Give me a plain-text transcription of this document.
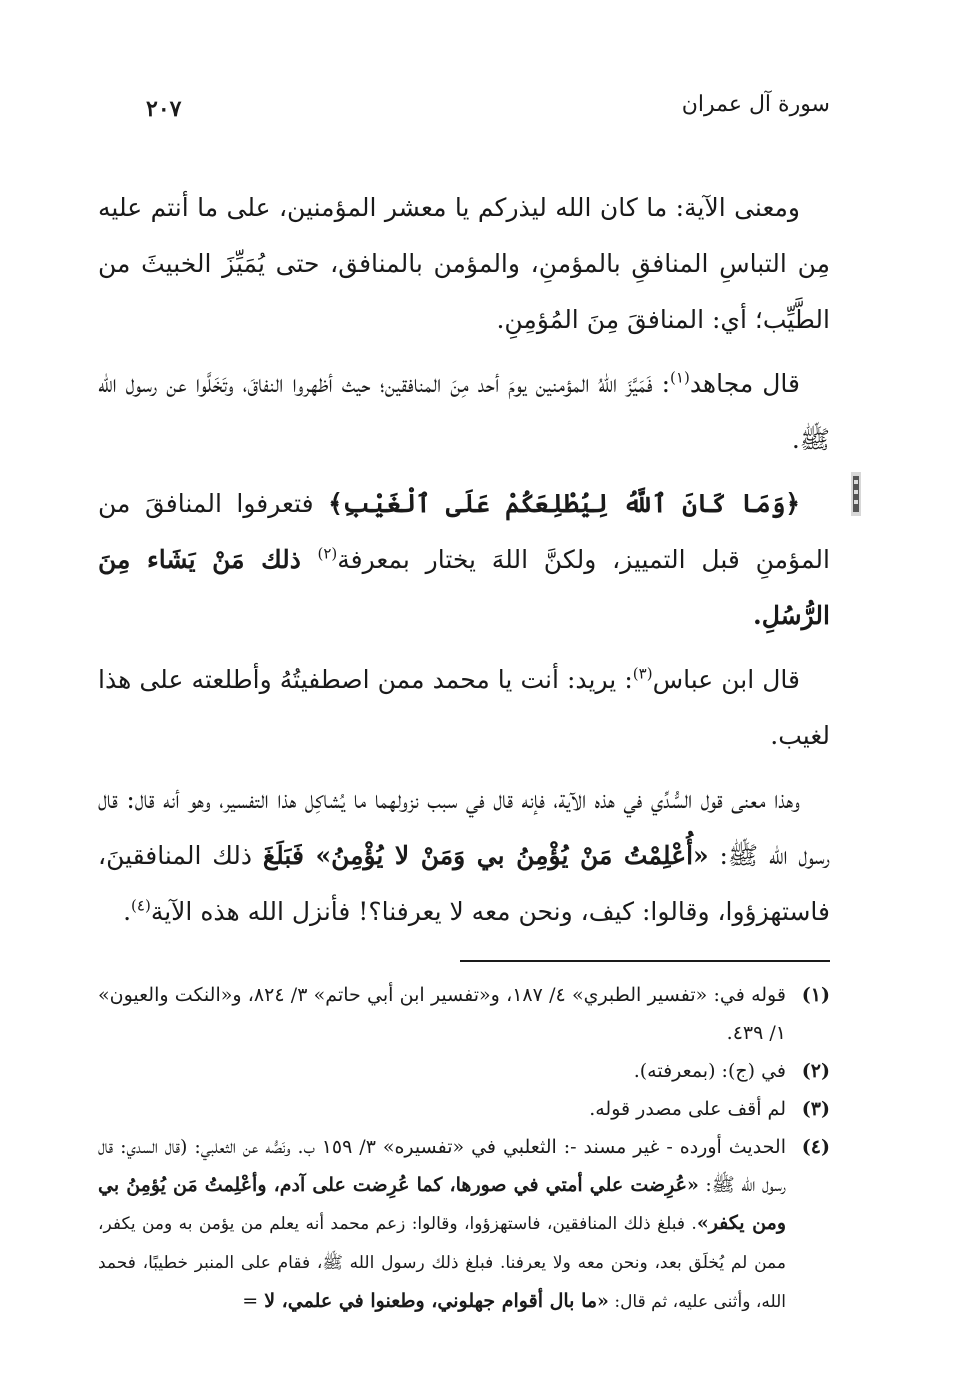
سورة آل عمران
٢٠٧

ومعنى الآية: ما كان الله ليذركم يا معشر المؤمنين، على ما أنتم عليه مِن التباسِ المنافقِ بالمؤمنِ، والمؤمن بالمنافق، حتى يُمَيِّزَ الخبيثَ من الطَّيِّب؛ أي: المنافقَ مِنَ المُؤمِنِ.

قال مجاهد$^{(١)}$: فَمَيَّزَ اللهُ المؤمنين يومَ أحد مِنَ المنافقين؛ حيث أظهروا النفاقَ، وتَخَلَّوا عن رسول الله ﷺ.

﴿وَمَا كَانَ ٱللَّهُ لِيُطْلِعَكُمْ عَلَى ٱلْغَيْبِ﴾ فتعرفوا المنافقَ من المؤمنِ قبل التمييز، ولكنَّ اللهَ يختار بمعرفة$^{(٢)}$ ذلك مَنْ يَشَاء مِنَ الرُّسُلِ.

قال ابن عباس$^{(٣)}$: يريد: أنت يا محمد ممن اصطفيتُهُ وأطلعته على هذا لغيب.

وهذا معنى قول السُّدِّي في هذه الآية، فإنه قال في سبب نزولهما ما يُشاكِل هذا التفسير، وهو أنه قال: قال رسول الله ﷺ: «أُعْلِمْتُ مَنْ يُؤْمِنُ بي وَمَنْ لا يُؤْمِنُ» فَبَلَغَ ذلك المنافقينَ، فاستهزؤوا، وقالوا: كيف، ونحن معه لا يعرفنا؟! فأنزل الله هذه الآية$^{(٤)}$.

(١)
قوله في: «تفسير الطبري» ٤/ ١٨٧، و«تفسير ابن أبي حاتم» ٣/ ٨٢٤، و«النكت والعيون» ١/ ٤٣٩.
(٢)
في (ج): (بمعرفته).
(٣)
لم أقف على مصدر قوله.
(٤)
الحديث أورده - غير مسند -: الثعلبي في «تفسيره» ٣/ ١٥٩ ب. ونَصُّه عن الثعلبي: (قال السدي: قال رسول الله ﷺ: «عُرِضت علي أمتي في صورها، كما عُرِضت على آدم، وأعْلِمتُ مَن يُؤمِنُ بي ومن يكفر». فبلغ ذلك المنافقين، فاستهزؤوا، وقالوا: زعم محمد أنه يعلم من يؤمن به ومن يكفر، ممن لم يُخلَق بعد، ونحن معه ولا يعرفنا. فبلغ ذلك رسول الله ﷺ، فقام على المنبر خطيبًا، فحمد الله، وأثنى عليه، ثم قال: «ما بال أقوام جهلوني، وطعنوا في علمي، لا =
